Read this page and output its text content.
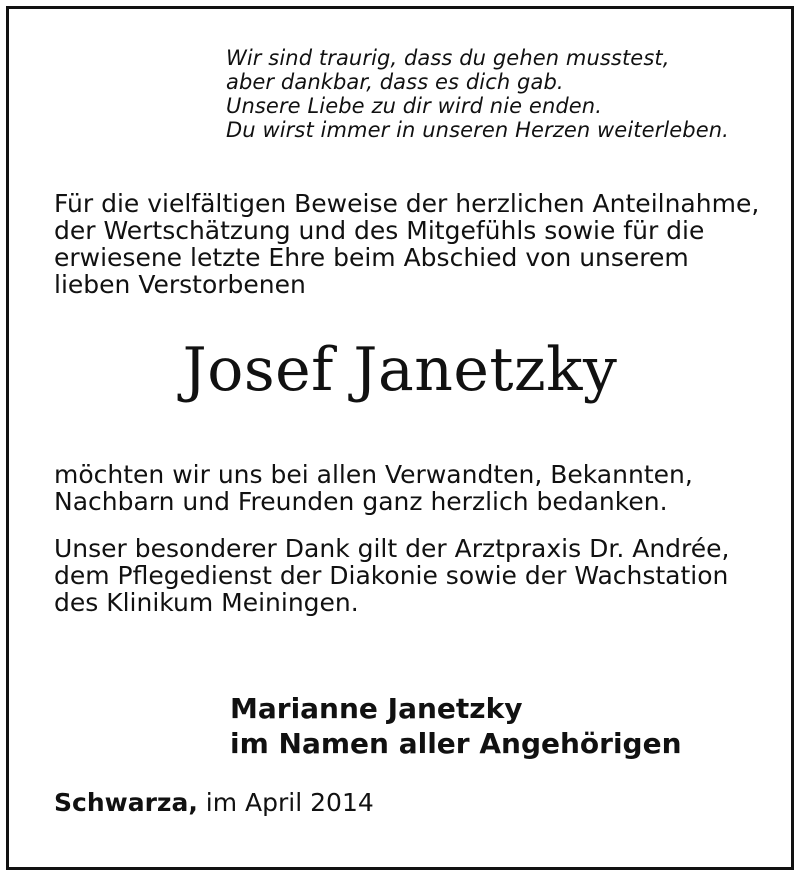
Wir sind traurig, dass du gehen musstest,
aber dankbar, dass es dich gab.
Unsere Liebe zu dir wird nie enden.
Du wirst immer in unseren Herzen weiterleben.
Für die vielfältigen Beweise der herzlichen Anteilnahme,
der Wertschätzung und des Mitgefühls sowie für die
erwiesene letzte Ehre beim Abschied von unserem
lieben Verstorbenen
Josef Janetzky
möchten wir uns bei allen Verwandten, Bekannten,
Nachbarn und Freunden ganz herzlich bedanken.
Unser besonderer Dank gilt der Arztpraxis Dr. Andrée,
dem Pflegedienst der Diakonie sowie der Wachstation
des Klinikum Meiningen.
Marianne Janetzky
im Namen aller Angehörigen
Schwarza, im April 2014
